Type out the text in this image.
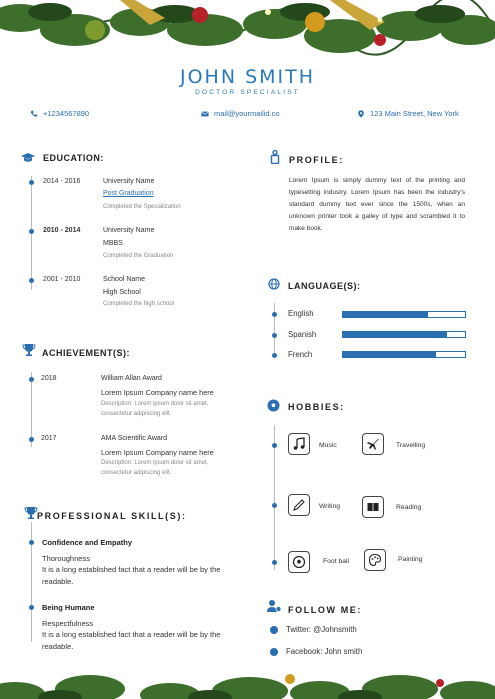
JOHN SMITH
DOCTOR SPECIALIST
+1234567890	mail@yourmailid.co	123 Main Street, New York
EDUCATION:
2014 - 2016	University Name
Post Graduation
Completed the Specialization
2010 - 2014	University Name
MBBS
Completed the Graduation
2001 - 2010	School Name
High School
Completed the high school
ACHIEVEMENT(S):
2018	William Allan Award
Lorem Ipsum Company name here
Description: Lorem ipsum dolor sit amet, consectetur adipiscing elit.
2017	AMA Scientific Award
Lorem Ipsum Company name here
Description: Lorem ipsum dolor sit amet, consectetur adipiscing elit.
PROFESSIONAL SKILL(S):
Confidence and Empathy
Thoroughness
It is a long established fact that a reader will be by the readable.
Being Humane
Respectfulness
It is a long established fact that a reader will be by the readable.
PROFILE:
Lorem Ipsum is simply dummy text of the printing and typesetting industry. Lorem Ipsum has been the industry's standard dummy text ever since the 1500s, when an unknown printer took a galley of type and scrambled it to make book.
LANGUAGE(S):
English
Spanish
French
HOBBIES:
Music	Travelling
Writing	Reading
Foot ball	Painting
FOLLOW ME:
Twitter: @Johnsmith
Facebook: John smith
